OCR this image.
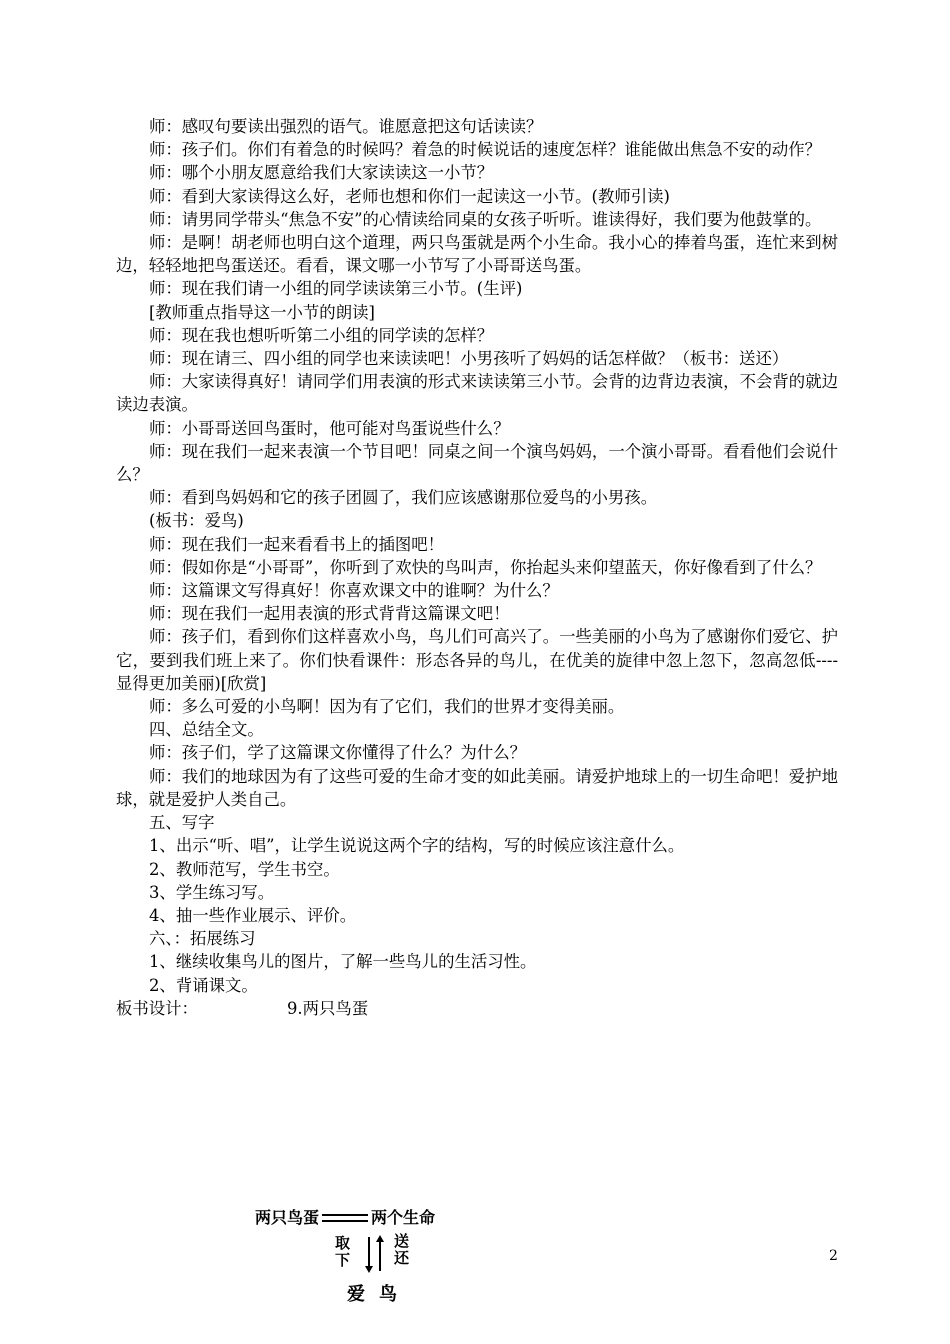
师：感叹句要读出强烈的语气。谁愿意把这句话读读？

师：孩子们。你们有着急的时候吗？着急的时候说话的速度怎样？谁能做出焦急不安的动作？

师：哪个小朋友愿意给我们大家读读这一小节？

师：看到大家读得这么好，老师也想和你们一起读这一小节。(教师引读)

师：请男同学带头“焦急不安”的心情读给同桌的女孩子听听。谁读得好，我们要为他鼓掌的。

师：是啊！胡老师也明白这个道理，两只鸟蛋就是两个小生命。我小心的捧着鸟蛋，连忙来到树边，轻轻地把鸟蛋送还。看看，课文哪一小节写了小哥哥送鸟蛋。

师：现在我们请一小组的同学读读第三小节。(生评)

[教师重点指导这一小节的朗读]

师：现在我也想听听第二小组的同学读的怎样？

师：现在请三、四小组的同学也来读读吧！小男孩听了妈妈的话怎样做？（板书：送还）

师：大家读得真好！请同学们用表演的形式来读读第三小节。会背的边背边表演，不会背的就边读边表演。

师：小哥哥送回鸟蛋时，他可能对鸟蛋说些什么？

师：现在我们一起来表演一个节目吧！同桌之间一个演鸟妈妈，一个演小哥哥。看看他们会说什么？

师：看到鸟妈妈和它的孩子团圆了，我们应该感谢那位爱鸟的小男孩。

(板书：爱鸟)

师：现在我们一起来看看书上的插图吧！

师：假如你是“小哥哥”，你听到了欢快的鸟叫声，你抬起头来仰望蓝天，你好像看到了什么？

师：这篇课文写得真好！你喜欢课文中的谁啊？为什么？

师：现在我们一起用表演的形式背背这篇课文吧！

师：孩子们，看到你们这样喜欢小鸟，鸟儿们可高兴了。一些美丽的小鸟为了感谢你们爱它、护它，要到我们班上来了。你们快看课件：形态各异的鸟儿，在优美的旋律中忽上忽下，忽高忽低----显得更加美丽)[欣赏]

师：多么可爱的小鸟啊！因为有了它们，我们的世界才变得美丽。

四、总结全文。

师：孩子们，学了这篇课文你懂得了什么？为什么？

师：我们的地球因为有了这些可爱的生命才变的如此美丽。请爱护地球上的一切生命吧！爱护地球，就是爱护人类自己。

五、写字

1、出示“听、唱”，让学生说说这两个字的结构，写的时候应该注意什么。

2、教师范写，学生书空。

3、学生练习写。

4、抽一些作业展示、评价。

六、：拓展练习

1、继续收集鸟儿的图片，了解一些鸟儿的生活习性。

2、背诵课文。

板书设计：	9.两只鸟蛋

两只鸟蛋	两个生命
取下
送还
爱鸟
2
